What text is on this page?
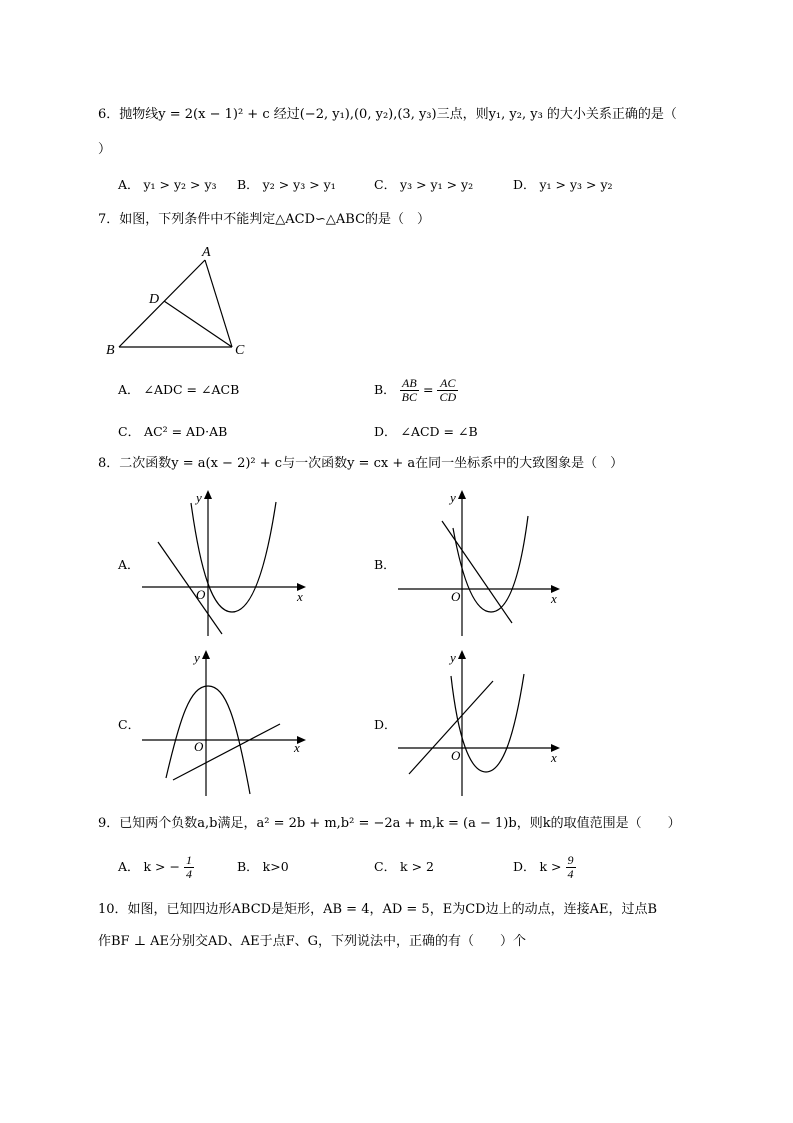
6．抛物线y = 2(x − 1)² + c 经过(−2, y₁),(0, y₂),(3, y₃)三点，则y₁, y₂, y₃ 的大小关系正确的是（
）
A． y₁ > y₂ > y₃ B． y₂ > y₃ > y₁	C． y₃ > y₁ > y₂	D． y₁ > y₃ > y₂
7．如图，下列条件中不能判定△ACD∽△ABC的是（　）
A
B	C
D
A． ∠ADC = ∠ACB	B． $\frac{AB}{BC} = \frac{AC}{CD}$
C． AC² = AD·AB	D． ∠ACD = ∠B
8．二次函数y = a(x − 2)² + c与一次函数y = cx + a在同一坐标系中的大致图象是（　）
A．
x
y
O
B．
x
y
O
C．
x
y
O
D．
x
y
O
9．已知两个负数a,b满足，a² = 2b + m,b² = −2a + m,k = (a − 1)b，则k的取值范围是（　　）
A． k > − $\frac{1}{4}$	B． k>0	C． k > 2	D． $k > \frac{9}{4}$
10．如图，已知四边形ABCD是矩形，AB = 4，AD = 5，E为CD边上的动点，连接AE，过点B
作BF ⊥ AE分别交AD、AE于点F、G，下列说法中，正确的有（　　）个
